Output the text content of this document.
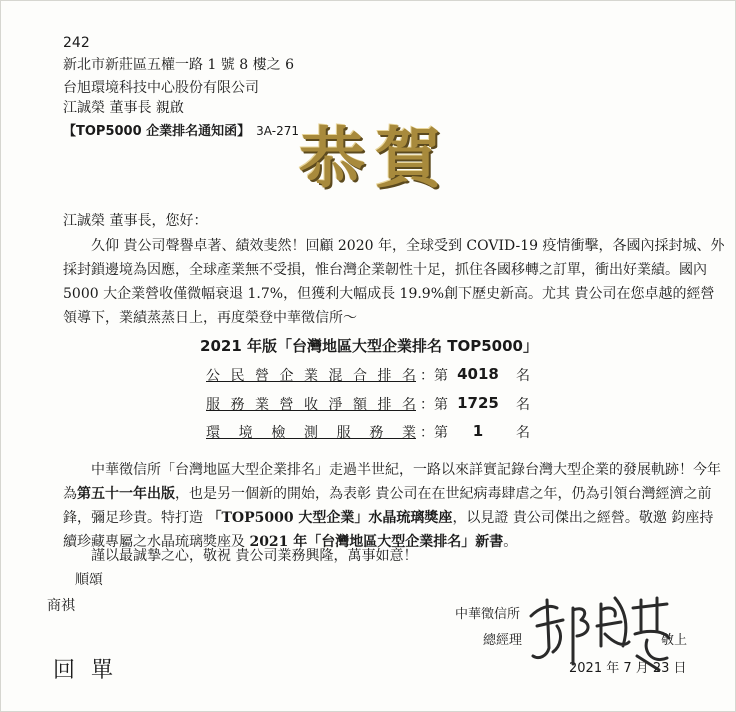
242
新北市新莊區五權一路 1 號 8 樓之 6
台旭環境科技中心股份有限公司
江誠榮 董事長 親啟
【TOP5000 企業排名通知函】 3A-271 恭賀
江誠榮 董事長，您好：
久仰 貴公司聲譽卓著、績效斐然！回顧 2020 年，全球受到 COVID-19 疫情衝擊，各國內採封城、外採封鎖邊境為因應，全球產業無不受損，惟台灣企業韌性十足，抓住各國移轉之訂單，衝出好業績。國內 5000 大企業營收僅微幅衰退 1.7%，但獲利大幅成長 19.9%創下歷史新高。尤其 貴公司在您卓越的經營領導下，業績蒸蒸日上，再度榮登中華徵信所〜
2021 年版「台灣地區大型企業排名 TOP5000」
公民營企業混合排名 ：第 4018	名
服務業營收淨額排名 ：第 1725	名
環境檢測服務業 ：第	1	名
中華徵信所「台灣地區大型企業排名」走過半世紀，一路以來詳實記錄台灣大型企業的發展軌跡！今年為第五十一年出版，也是另一個新的開始，為表彰 貴公司在在世紀病毒肆虐之年，仍為引領台灣經濟之前鋒，彌足珍貴。特打造 「TOP5000 大型企業」水晶琉璃獎座，以見證 貴公司傑出之經營。敬邀 鈞座持續珍藏專屬之水晶琉璃獎座及 2021 年「台灣地區大型企業排名」新書。
謹以最誠摯之心，敬祝 貴公司業務興隆，萬事如意！
順頌
商祺
中華徵信所
總經理	敬上
2021 年 7 月 23 日
回單
